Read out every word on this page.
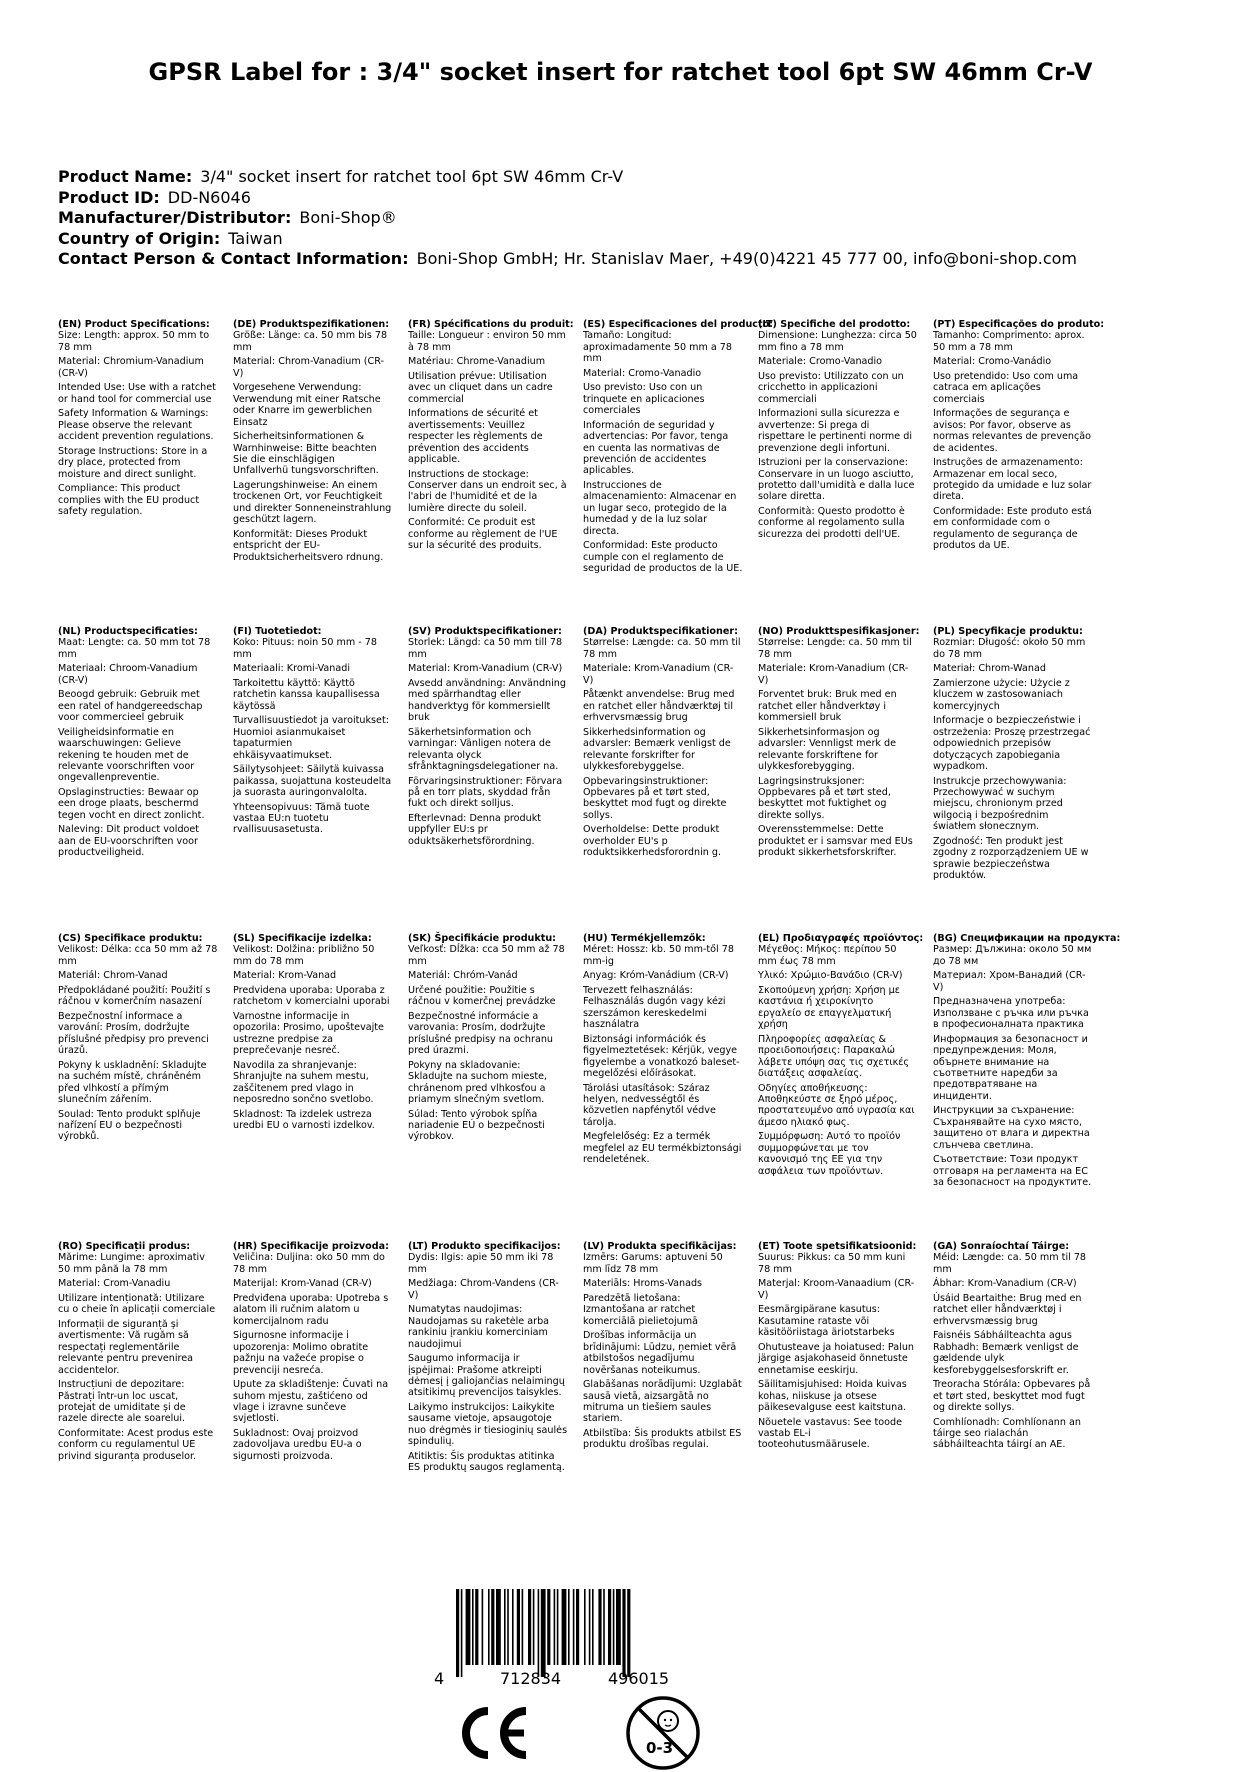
GPSR Label for : 3/4" socket insert for ratchet tool 6pt SW 46mm Cr-V
Product Name: 3/4" socket insert for ratchet tool 6pt SW 46mm Cr-V
Product ID: DD-N6046
Manufacturer/Distributor: Boni-Shop®
Country of Origin: Taiwan
Contact Person & Contact Information: Boni-Shop GmbH; Hr. Stanislav Maer, +49(0)4221 45 777 00, info@boni-shop.com
(EN) Product Specifications:
Size: Length: approx. 50 mm to 78 mm
Material: Chromium-Vanadium (CR-V)
Intended Use: Use with a ratchet or hand tool for commercial use
Safety Information & Warnings: Please observe the relevant accident prevention regulations.
Storage Instructions: Store in a dry place, protected from moisture and direct sunlight.
Compliance: This product complies with the EU product safety regulation.
(DE) Produktspezifikationen:
Größe: Länge: ca. 50 mm bis 78 mm
Material: Chrom-Vanadium (CR-V)
Vorgesehene Verwendung: Verwendung mit einer Ratsche oder Knarre im gewerblichen Einsatz
Sicherheitsinformationen & Warnhinweise: Bitte beachten Sie die einschlägigen Unfallverhü tungsvorschriften.
Lagerungshinweise: An einem trockenen Ort, vor Feuchtigkeit und direkter Sonneneinstrahlung geschützt lagern.
Konformität: Dieses Produkt entspricht der EU-Produktsicherheitsvero rdnung.
(FR) Spécifications du produit:
Taille: Longueur : environ 50 mm à 78 mm
Matériau: Chrome-Vanadium
Utilisation prévue: Utilisation avec un cliquet dans un cadre commercial
Informations de sécurité et avertissements: Veuillez respecter les règlements de prévention des accidents applicable.
Instructions de stockage: Conserver dans un endroit sec, à l'abri de l'humidité et de la lumière directe du soleil.
Conformité: Ce produit est conforme au règlement de l'UE sur la sécurité des produits.
(ES) Especificaciones del producto:
Tamaño: Longitud: aproximadamente 50 mm a 78 mm
Material: Cromo-Vanadio
Uso previsto: Uso con un trinquete en aplicaciones comerciales
Información de seguridad y advertencias: Por favor, tenga en cuenta las normativas de prevención de accidentes aplicables.
Instrucciones de almacenamiento: Almacenar en un lugar seco, protegido de la humedad y de la luz solar directa.
Conformidad: Este producto cumple con el reglamento de seguridad de productos de la UE.
(IT) Specifiche del prodotto:
Dimensione: Lunghezza: circa 50 mm fino a 78 mm
Materiale: Cromo-Vanadio
Uso previsto: Utilizzato con un cricchetto in applicazioni commerciali
Informazioni sulla sicurezza e avvertenze: Si prega di rispettare le pertinenti norme di prevenzione degli infortuni.
Istruzioni per la conservazione: Conservare in un luogo asciutto, protetto dall'umidità e dalla luce solare diretta.
Conformità: Questo prodotto è conforme al regolamento sulla sicurezza dei prodotti dell'UE.
(PT) Especificações do produto:
Tamanho: Comprimento: aprox. 50 mm a 78 mm
Material: Cromo-Vanádio
Uso pretendido: Uso com uma catraca em aplicações comerciais
Informações de segurança e avisos: Por favor, observe as normas relevantes de prevenção de acidentes.
Instruções de armazenamento: Armazenar em local seco, protegido da umidade e luz solar direta.
Conformidade: Este produto está em conformidade com o regulamento de segurança de produtos da UE.
(NL) Productspecificaties:
Maat: Lengte: ca. 50 mm tot 78 mm
Materiaal: Chroom-Vanadium (CR-V)
Beoogd gebruik: Gebruik met een ratel of handgereedschap voor commercieel gebruik
Veiligheidsinformatie en waarschuwingen: Gelieve rekening te houden met de relevante voorschriften voor ongevallenpreventie.
Opslaginstructies: Bewaar op een droge plaats, beschermd tegen vocht en direct zonlicht.
Naleving: Dit product voldoet aan de EU-voorschriften voor productveiligheid.
(FI) Tuotetiedot:
Koko: Pituus: noin 50 mm - 78 mm
Materiaali: Kromi-Vanadi
Tarkoitettu käyttö: Käyttö ratchetin kanssa kaupallisessa käytössä
Turvallisuustiedot ja varoitukset: Huomioi asianmukaiset tapaturmien ehkäisyvaatimukset.
Säilytysohjeet: Säilytä kuivassa paikassa, suojattuna kosteudelta ja suorasta auringonvalolta.
Yhteensopivuus: Tämä tuote vastaa EU:n tuotetu rvallisuusasetusta.
(SV) Produktspecifikationer:
Storlek: Längd: ca 50 mm till 78 mm
Material: Krom-Vanadium (CR-V)
Avsedd användning: Användning med spärrhandtag eller handverktyg för kommersiellt bruk
Säkerhetsinformation och varningar: Vänligen notera de relevanta olyck sfrånktagningsdelegationer na.
Förvaringsinstruktioner: Förvara på en torr plats, skyddad från fukt och direkt solljus.
Efterlevnad: Denna produkt uppfyller EU:s pr oduktsäkerhetsförordning.
(DA) Produktspecifikationer:
Størrelse: Længde: ca. 50 mm til 78 mm
Materiale: Krom-Vanadium (CR-V)
Påtænkt anvendelse: Brug med en ratchet eller håndværktøj til erhvervsmæssig brug
Sikkerhedsinformation og advarsler: Bemærk venligst de relevante forskrifter for ulykkesforebyggelse.
Opbevaringsinstruktioner: Opbevares på et tørt sted, beskyttet mod fugt og direkte sollys.
Overholdelse: Dette produkt overholder EU's p roduktsikkerhedsforordnin g.
(NO) Produkttspesifikasjoner:
Størrelse: Lengde: ca. 50 mm til 78 mm
Materiale: Krom-Vanadium (CR-V)
Forventet bruk: Bruk med en ratchet eller håndverktøy i kommersiell bruk
Sikkerhetsinformasjon og advarsler: Vennligst merk de relevante forskriftene for ulykkesforebygging.
Lagringsinstruksjoner: Oppbevares på et tørt sted, beskyttet mot fuktighet og direkte sollys.
Overensstemmelse: Dette produktet er i samsvar med EUs produkt sikkerhetsforskrifter.
(PL) Specyfikacje produktu:
Rozmiar: Długość: około 50 mm do 78 mm
Materiał: Chrom-Wanad
Zamierzone użycie: Użycie z kluczem w zastosowaniach komercyjnych
Informacje o bezpieczeństwie i ostrzeżenia: Proszę przestrzegać odpowiednich przepisów dotyczących zapobiegania wypadkom.
Instrukcje przechowywania: Przechowywać w suchym miejscu, chronionym przed wilgocią i bezpośrednim światłem słonecznym.
Zgodność: Ten produkt jest zgodny z rozporządzeniem UE w sprawie bezpieczeństwa produktów.
(CS) Specifikace produktu:
Velikost: Délka: cca 50 mm až 78 mm
Materiál: Chrom-Vanad
Předpokládané použití: Použití s ráčnou v komerčním nasazení
Bezpečnostní informace a varování: Prosím, dodržujte příslušné předpisy pro prevenci úrazů.
Pokyny k uskladnění: Skladujte na suchém místě, chráněném před vlhkostí a přímým slunečním zářením.
Soulad: Tento produkt splňuje nařízení EU o bezpečnosti výrobků.
(SL) Specifikacije izdelka:
Velikost: Dolžina: približno 50 mm do 78 mm
Material: Krom-Vanad
Predvidena uporaba: Uporaba z ratchetom v komercialni uporabi
Varnostne informacije in opozorila: Prosimo, upoštevajte ustrezne predpise za preprečevanje nesreč.
Navodila za shranjevanje: Shranjujte na suhem mestu, zaščitenem pred vlago in neposredno sončno svetlobo.
Skladnost: Ta izdelek ustreza uredbi EU o varnosti izdelkov.
(SK) Špecifikácie produktu:
Veľkosť: Dĺžka: cca 50 mm až 78 mm
Materiál: Chróm-Vanád
Určené použitie: Použitie s ráčnou v komerčnej prevádzke
Bezpečnostné informácie a varovania: Prosím, dodržujte príslušné predpisy na ochranu pred úrazmi.
Pokyny na skladovanie: Skladujte na suchom mieste, chránenom pred vlhkosťou a priamym slnečným svetlom.
Súlad: Tento výrobok spĺňa nariadenie EÚ o bezpečnosti výrobkov.
(HU) Termékjellemzők:
Méret: Hossz: kb. 50 mm-től 78 mm-ig
Anyag: Króm-Vanádium (CR-V)
Tervezett felhasználás: Felhasználás dugón vagy kézi szerszámon kereskedelmi használatra
Biztonsági információk és figyelmeztetések: Kérjük, vegye figyelembe a vonatkozó baleset-megelőzési előírásokat.
Tárolási utasítások: Száraz helyen, nedvességtől és közvetlen napfénytől védve tárolja.
Megfelelőség: Ez a termék megfelel az EU termékbiztonsági rendeletének.
(EL) Προδιαγραφές προϊόντος:
Μέγεθος: Μήκος: περίπου 50 mm έως 78 mm
Υλικό: Χρώμιο-Βανάδιο (CR-V)
Σκοπούμενη χρήση: Χρήση με καστάνια ή χειροκίνητο εργαλείο σε επαγγελματική χρήση
Πληροφορίες ασφαλείας & προειδοποιήσεις: Παρακαλώ λάβετε υπόψη σας τις σχετικές διατάξεις ασφαλείας.
Οδηγίες αποθήκευσης: Αποθηκεύστε σε ξηρό μέρος, προστατευμένο από υγρασία και άμεσο ηλιακό φως.
Συμμόρφωση: Αυτό το προϊόν συμμορφώνεται με τον κανονισμό της ΕΕ για την ασφάλεια των προϊόντων.
(BG) Спецификации на продукта:
Размер: Дължина: около 50 мм до 78 мм
Материал: Хром-Ванадий (CR-V)
Предназначена употреба: Използване с ръчка или ръчка в професионалната практика
Информация за безопасност и предупреждения: Моля, обърнете внимание на съответните наредби за предотвратяване на инциденти.
Инструкции за съхранение: Съхранявайте на сухо място, защитено от влага и директна слънчева светлина.
Съответствие: Този продукт отговаря на регламента на ЕС за безопасност на продуктите.
(RO) Specificații produs:
Mărime: Lungime: aproximativ 50 mm până la 78 mm
Material: Crom-Vanadiu
Utilizare intenționată: Utilizare cu o cheie în aplicații comerciale
Informații de siguranță și avertismente: Vă rugăm să respectați reglementările relevante pentru prevenirea accidentelor.
Instrucțiuni de depozitare: Păstrați într-un loc uscat, protejat de umiditate și de razele directe ale soarelui.
Conformitate: Acest produs este conform cu regulamentul UE privind siguranța produselor.
(HR) Specifikacije proizvoda:
Veličina: Duljina: oko 50 mm do 78 mm
Materijal: Krom-Vanad (CR-V)
Predviđena uporaba: Upotreba s alatom ili ručnim alatom u komercijalnom radu
Sigurnosne informacije i upozorenja: Molimo obratite pažnju na važeće propise o prevenciji nesreća.
Upute za skladištenje: Čuvati na suhom mjestu, zaštićeno od vlage i izravne sunčeve svjetlosti.
Sukladnost: Ovaj proizvod zadovoljava uredbu EU-a o sigurnosti proizvoda.
(LT) Produkto specifikacijos:
Dydis: Ilgis: apie 50 mm iki 78 mm
Medžiaga: Chrom-Vandens (CR-V)
Numatytas naudojimas: Naudojamas su raketėle arba rankiniu įrankiu komerciniam naudojimui
Saugumo informacija ir įspėjimai: Prašome atkreipti dėmesį į galiojančias nelaimingų atsitikimų prevencijos taisykles.
Laikymo instrukcijos: Laikykite sausame vietoje, apsaugotoje nuo drėgmės ir tiesioginių saulės spindulių.
Atitiktis: Šis produktas atitinka ES produktų saugos reglamentą.
(LV) Produkta specifikācijas:
Izmērs: Garums: aptuveni 50 mm līdz 78 mm
Materiāls: Hroms-Vanads
Paredzētā lietošana: Izmantošana ar ratchet komerciālā pielietojumā
Drošības informācija un brīdinājumi: Lūdzu, ņemiet vērā atbilstošos negadījumu novēršanas noteikumus.
Glabāšanas norādījumi: Uzglabāt sausā vietā, aizsargātā no mitruma un tiešiem saules stariem.
Atbilstība: Šis produkts atbilst ES produktu drošības regulai.
(ET) Toote spetsifikatsioonid:
Suurus: Pikkus: ca 50 mm kuni 78 mm
Materjal: Kroom-Vanaadium (CR-V)
Eesmärgipärane kasutus: Kasutamine rataste või käsitööriistaga äriotstarbeks
Ohutusteave ja hoiatused: Palun järgige asjakohaseid õnnetuste ennetamise eeskirju.
Säilitamisjuhised: Hoida kuivas kohas, niiskuse ja otsese päikesevalguse eest kaitstuna.
Nõuetele vastavus: See toode vastab EL-i tooteohutusmäärusele.
(GA) Sonraíochtaí Táirge:
Méid: Længde: ca. 50 mm til 78 mm
Ábhar: Krom-Vanadium (CR-V)
Úsáid Beartaithe: Brug med en ratchet eller håndværktøj i erhvervsmæssig brug
Faisnéis Sábháilteachta agus Rabhadh: Bemærk venligst de gældende ulyk kesforebyggelsesforskrift er.
Treoracha Stórála: Opbevares på et tørt sted, beskyttet mod fugt og direkte sollys.
Comhlíonadh: Comhlíonann an táirge seo rialachán sábháilteachta táirgí an AE.
4	712834	496015
0-3
